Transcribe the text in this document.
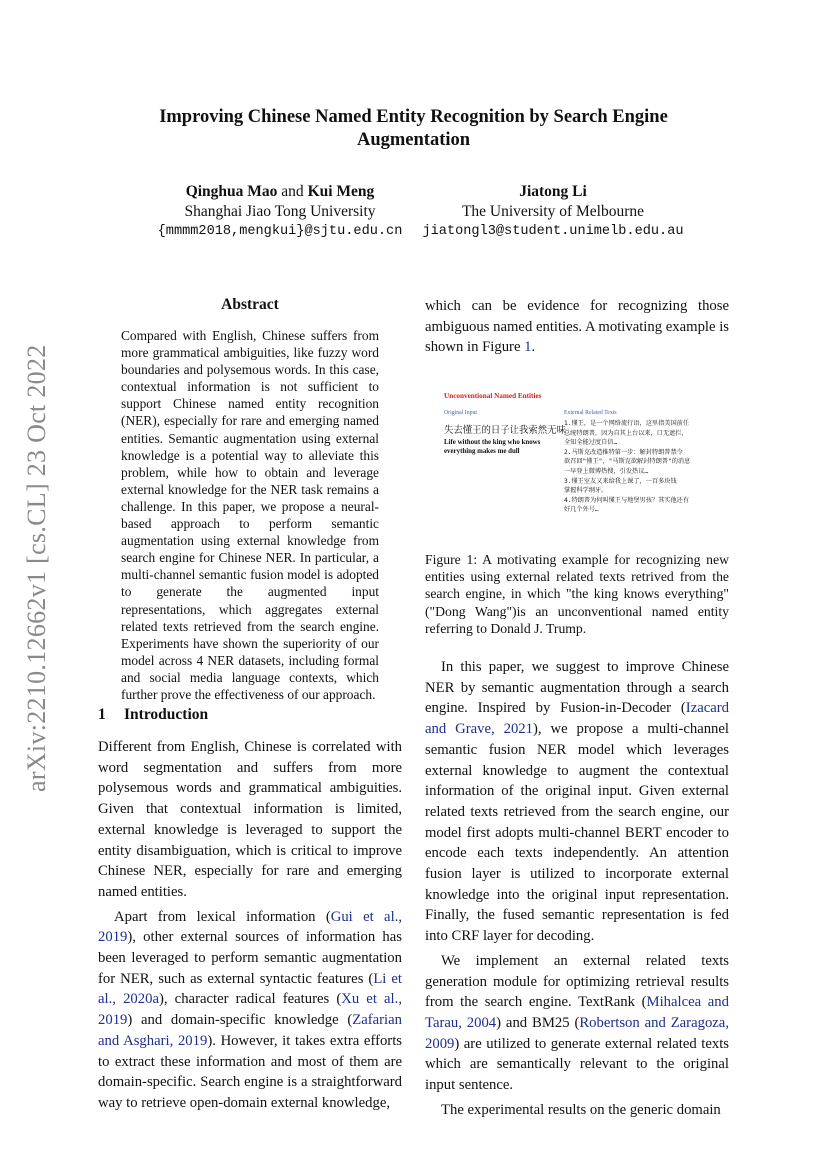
Improving Chinese Named Entity Recognition by Search Engine
Augmentation
Qinghua Mao and Kui Meng
Shanghai Jiao Tong University
{mmmm2018,mengkui}@sjtu.edu.cn
Jiatong Li
The University of Melbourne
jiatongl3@student.unimelb.edu.au
arXiv:2210.12662v1 [cs.CL] 23 Oct 2022
Abstract
Compared with English, Chinese suffers from more grammatical ambiguities, like fuzzy word boundaries and polysemous words. In this case, contextual information is not sufficient to support Chinese named entity recognition (NER), especially for rare and emerging named entities. Semantic augmentation using external knowledge is a potential way to alleviate this problem, while how to obtain and leverage external knowledge for the NER task remains a challenge. In this paper, we propose a neural-based approach to perform semantic augmentation using external knowledge from search engine for Chinese NER. In particular, a multi-channel semantic fusion model is adopted to generate the augmented input representations, which aggregates external related texts retrieved from the search engine. Experiments have shown the superiority of our model across 4 NER datasets, including formal and social media language contexts, which further prove the effectiveness of our approach.
1 Introduction

Different from English, Chinese is correlated with word segmentation and suffers from more polysemous words and grammatical ambiguities. Given that contextual information is limited, external knowledge is leveraged to support the entity disambiguation, which is critical to improve Chinese NER, especially for rare and emerging named entities.

Apart from lexical information (Gui et al., 2019), other external sources of information has been leveraged to perform semantic augmentation for NER, such as external syntactic features (Li et al., 2020a), character radical features (Xu et al., 2019) and domain-specific knowledge (Zafarian and Asghari, 2019). However, it takes extra efforts to extract these information and most of them are domain-specific. Search engine is a straightforward way to retrieve open-domain external knowledge,

which can be evidence for recognizing those ambiguous named entities. A motivating example is shown in Figure 1.

Unconventional Named Entities
Original Input
失去懂王的日子让我索然无味
Life without the king who knows
everything makes me dull
External Related Texts
1.懂王，是一个网络流行语，这里指美国前任
总统特朗普，因为自其上台以来，口无遮拦，
全知全能过度自信…
2.马斯克改造推特第一步：解封特朗普禁令
欲召回"懂王"，"马斯克欲解封特朗普"的消息
一早登上微博热搜，引发热议…
3.懂王室友又来给我上课了，一百多块钱
掌握科学纲牙。
4.特朗普为何叫懂王与地堡男孩？其实他还有
好几个外号…
Figure 1: A motivating example for recognizing new entities using external related texts retrived from the search engine, in which "the king knows everything"("Dong Wang")is an unconventional named entity referring to Donald J. Trump.

In this paper, we suggest to improve Chinese NER by semantic augmentation through a search engine. Inspired by Fusion-in-Decoder (Izacard and Grave, 2021), we propose a multi-channel semantic fusion NER model which leverages external knowledge to augment the contextual information of the original input. Given external related texts retrieved from the search engine, our model first adopts multi-channel BERT encoder to encode each texts independently. An attention fusion layer is utilized to incorporate external knowledge into the original input representation. Finally, the fused semantic representation is fed into CRF layer for decoding.

We implement an external related texts generation module for optimizing retrieval results from the search engine. TextRank (Mihalcea and Tarau, 2004) and BM25 (Robertson and Zaragoza, 2009) are utilized to generate external related texts which are semantically relevant to the original input sentence.

The experimental results on the generic domain
